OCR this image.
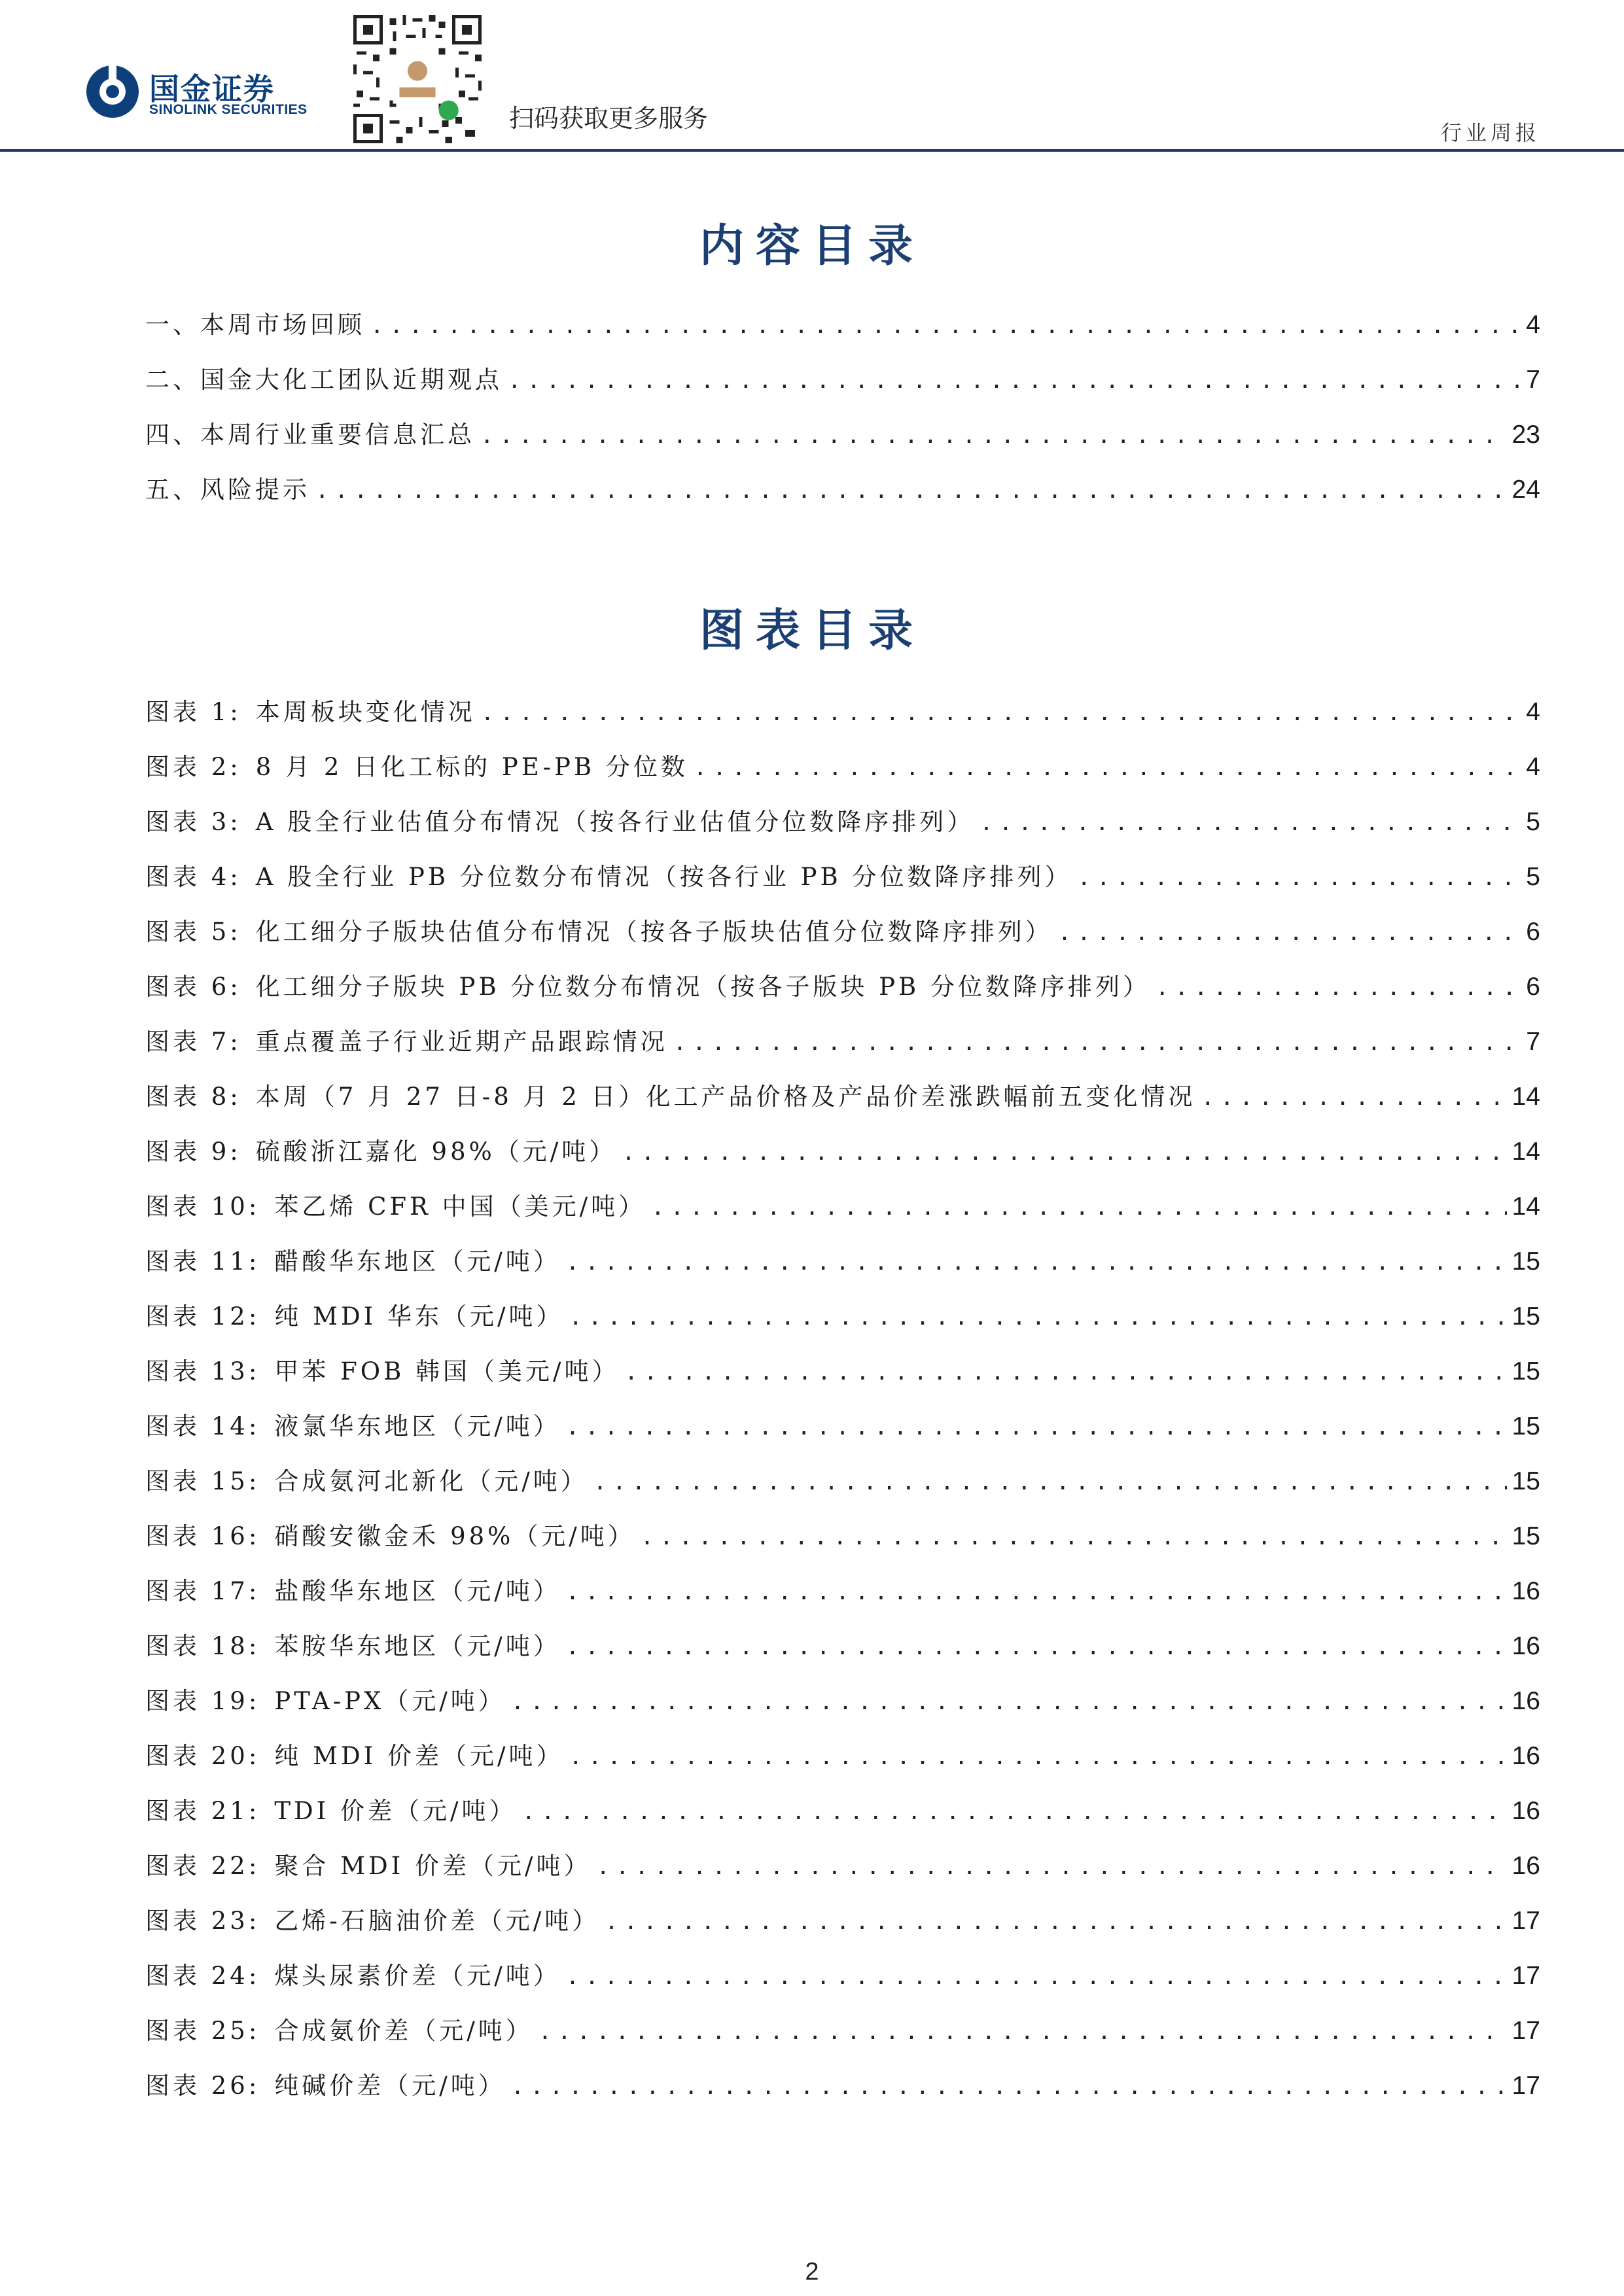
国金证券
SINOLINK SECURITIES	扫码获取更多服务	行业周报
内容目录
一、本周市场回顾 .....	4
二、国金大化工团队近期观点 .....	7
四、本周行业重要信息汇总 .....	23
五、风险提示 .....	24
图表目录
图表 1: 本周板块变化情况 .....	4
图表 2: 8 月 2 日化工标的 PE-PB 分位数 .....	4
图表 3: A 股全行业估值分布情况（按各行业估值分位数降序排列） .....	5
图表 4: A 股全行业 PB 分位数分布情况（按各行业 PB 分位数降序排列） .....	5
图表 5: 化工细分子版块估值分布情况（按各子版块估值分位数降序排列） .....	6
图表 6: 化工细分子版块 PB 分位数分布情况（按各子版块 PB 分位数降序排列） .....	6
图表 7: 重点覆盖子行业近期产品跟踪情况 .....	7
图表 8: 本周（7 月 27 日-8 月 2 日）化工产品价格及产品价差涨跌幅前五变化情况 .....	14
图表 9: 硫酸浙江嘉化 98%（元/吨） .....	14
图表 10: 苯乙烯 CFR 中国（美元/吨） .....	14
图表 11: 醋酸华东地区（元/吨） .....	15
图表 12: 纯 MDI 华东（元/吨） .....	15
图表 13: 甲苯 FOB 韩国（美元/吨） .....	15
图表 14: 液氯华东地区（元/吨） .....	15
图表 15: 合成氨河北新化（元/吨） .....	15
图表 16: 硝酸安徽金禾 98%（元/吨） .....	15
图表 17: 盐酸华东地区（元/吨） .....	16
图表 18: 苯胺华东地区（元/吨） .....	16
图表 19: PTA-PX（元/吨） .....	16
图表 20: 纯 MDI 价差（元/吨） .....	16
图表 21: TDI 价差（元/吨） .....	16
图表 22: 聚合 MDI 价差（元/吨） .....	16
图表 23: 乙烯-石脑油价差（元/吨） .....	17
图表 24: 煤头尿素价差（元/吨） .....	17
图表 25: 合成氨价差（元/吨） .....	17
图表 26: 纯碱价差（元/吨） .....	17
2
